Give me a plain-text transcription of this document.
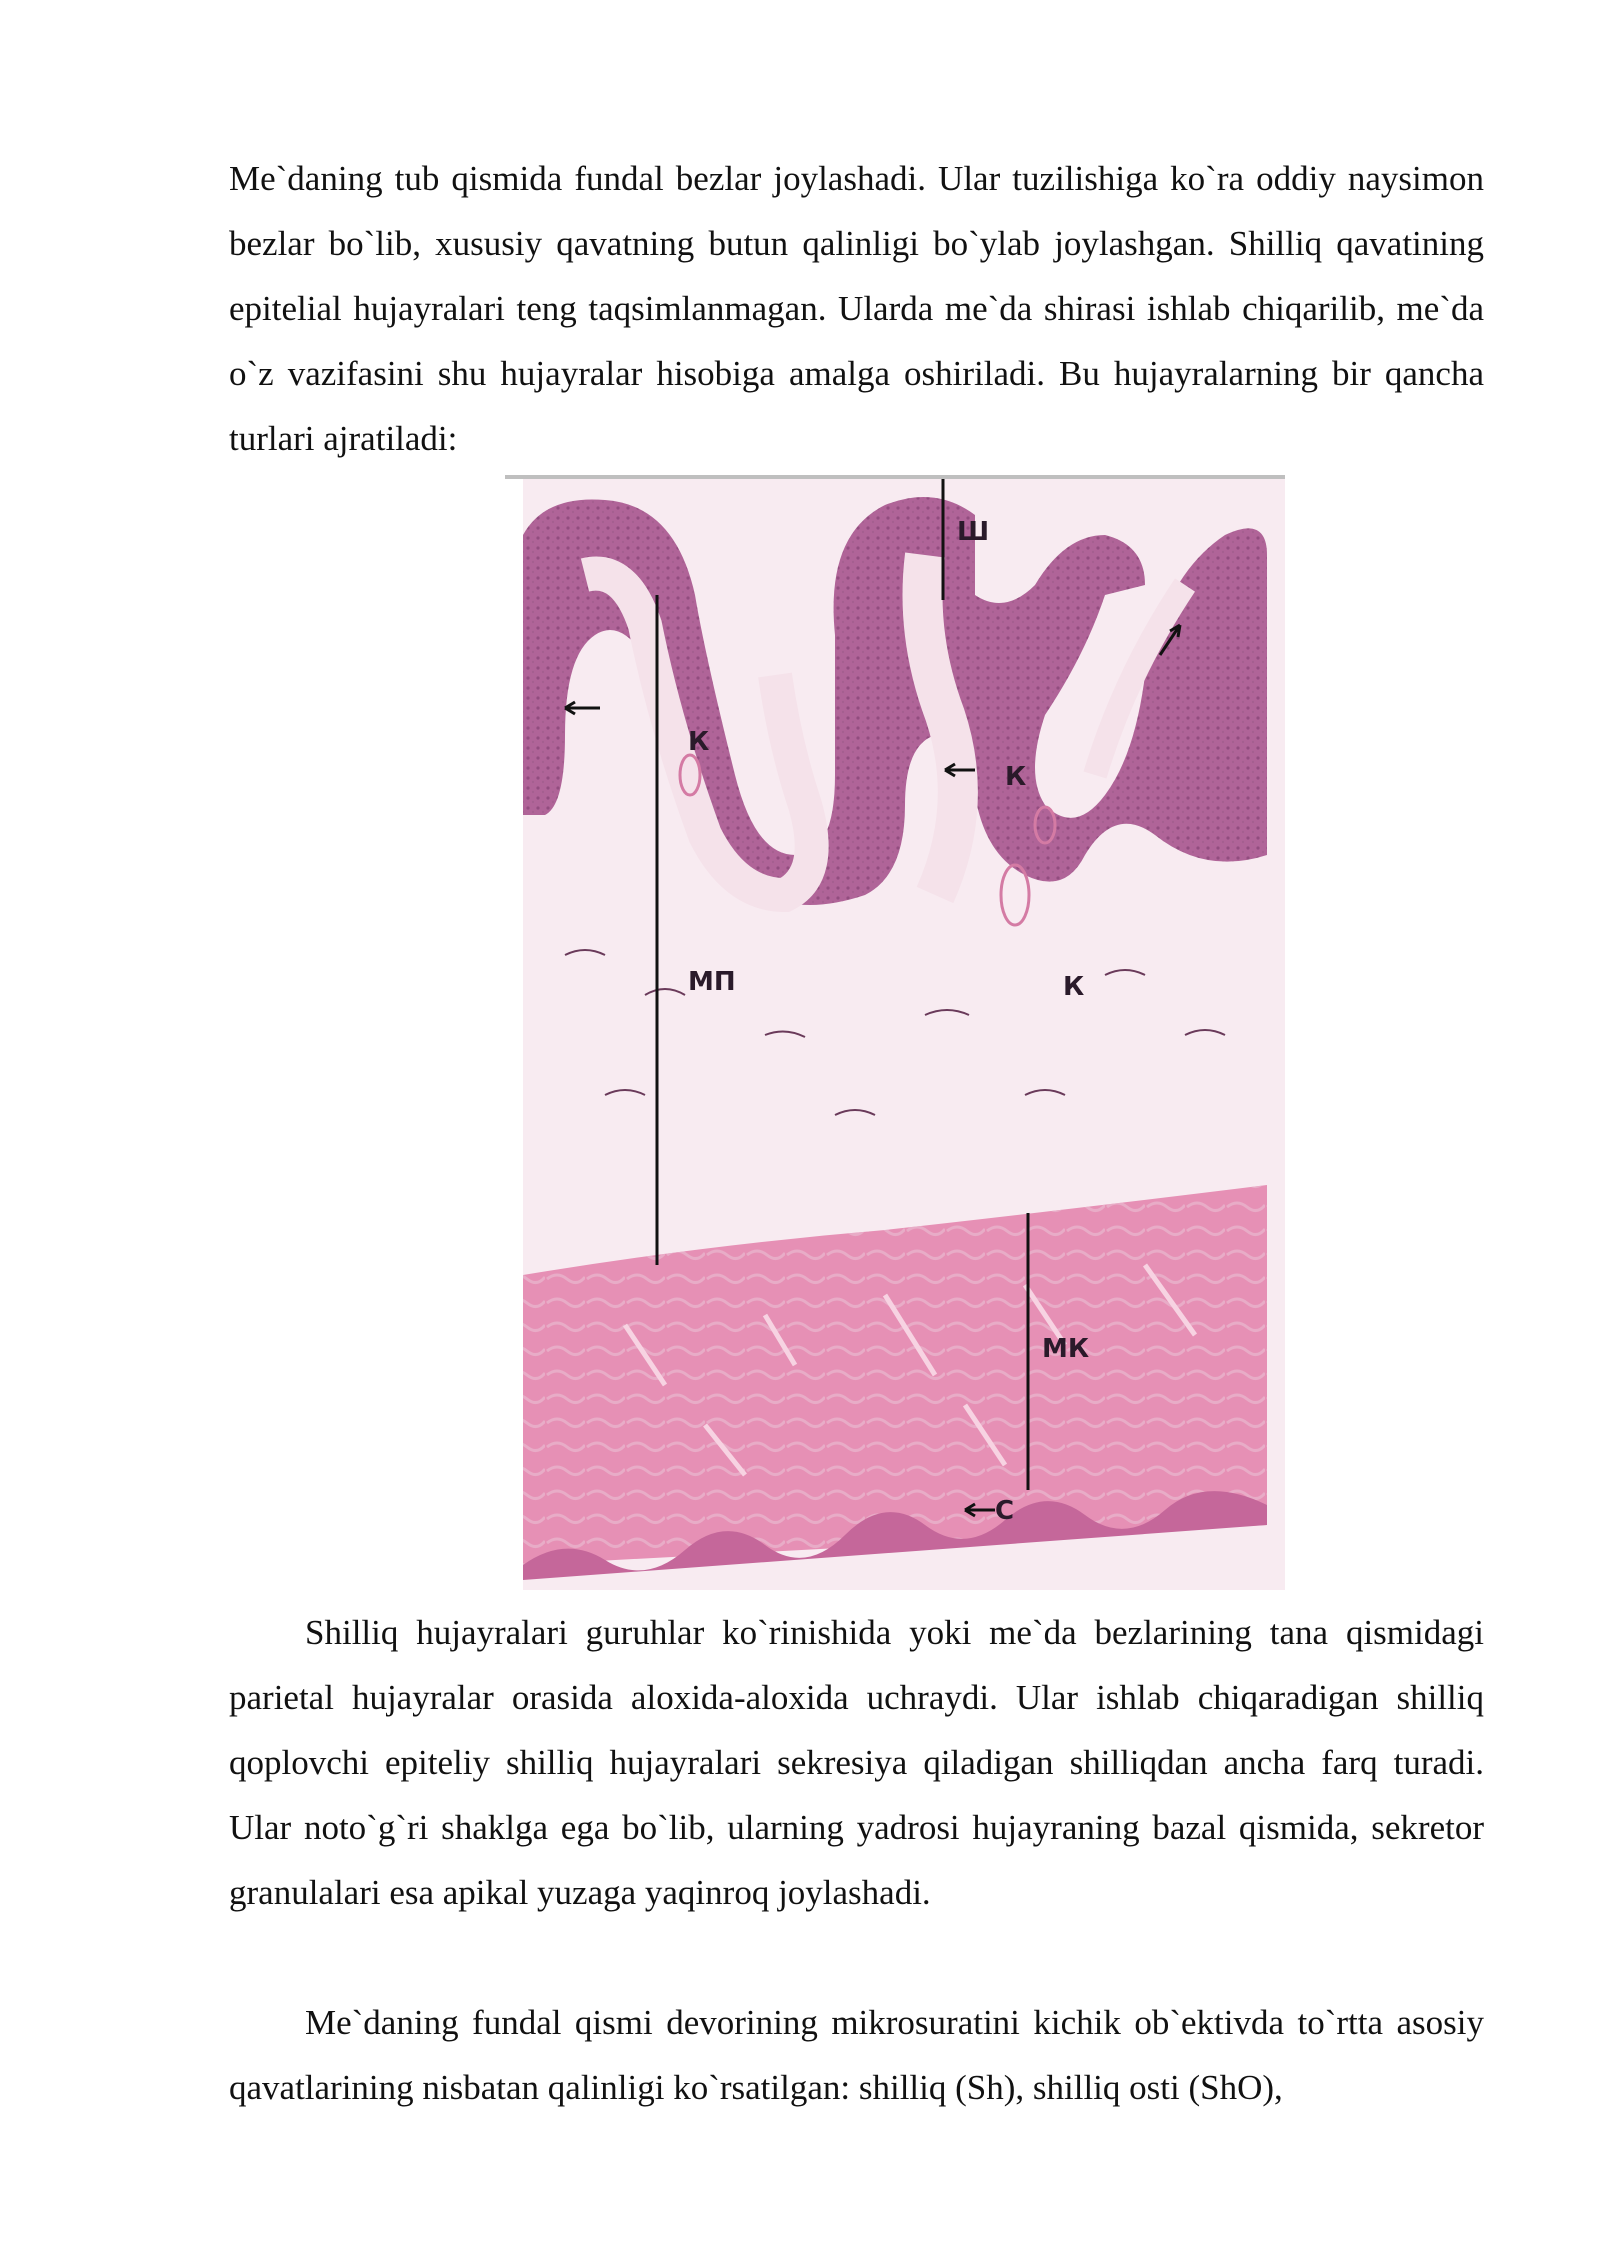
Me`daning tub qismida fundal bezlar joylashadi. Ular tuzilishiga ko`ra oddiy naysimon bezlar bo`lib, xususiy qavatning butun qalinligi bo`ylab joylashgan. Shilliq qavatining epitelial hujayralari teng taqsimlanmagan. Ularda me`da shirasi ishlab chiqarilib, me`da o`z vazifasini shu hujayralar hisobiga amalga oshiriladi. Bu hujayralarning bir qancha turlari ajratiladi:

Ш
К
К
К
МП
МК
С

Shilliq hujayralari guruhlar ko`rinishida yoki me`da bezlarining tana qismidagi parietal hujayralar orasida aloxida-aloxida uchraydi. Ular ishlab chiqaradigan shilliq qoplovchi epiteliy shilliq hujayralari sekresiya qiladigan shilliqdan ancha farq turadi. Ular noto`g`ri shaklga ega bo`lib, ularning yadrosi hujayraning bazal qismida, sekretor granulalari esa apikal yuzaga yaqinroq joylashadi.

Me`daning fundal qismi devorining mikrosuratini kichik ob`ektivda to`rtta asosiy qavatlarining nisbatan qalinligi ko`rsatilgan: shilliq (Sh), shilliq osti (ShO),
